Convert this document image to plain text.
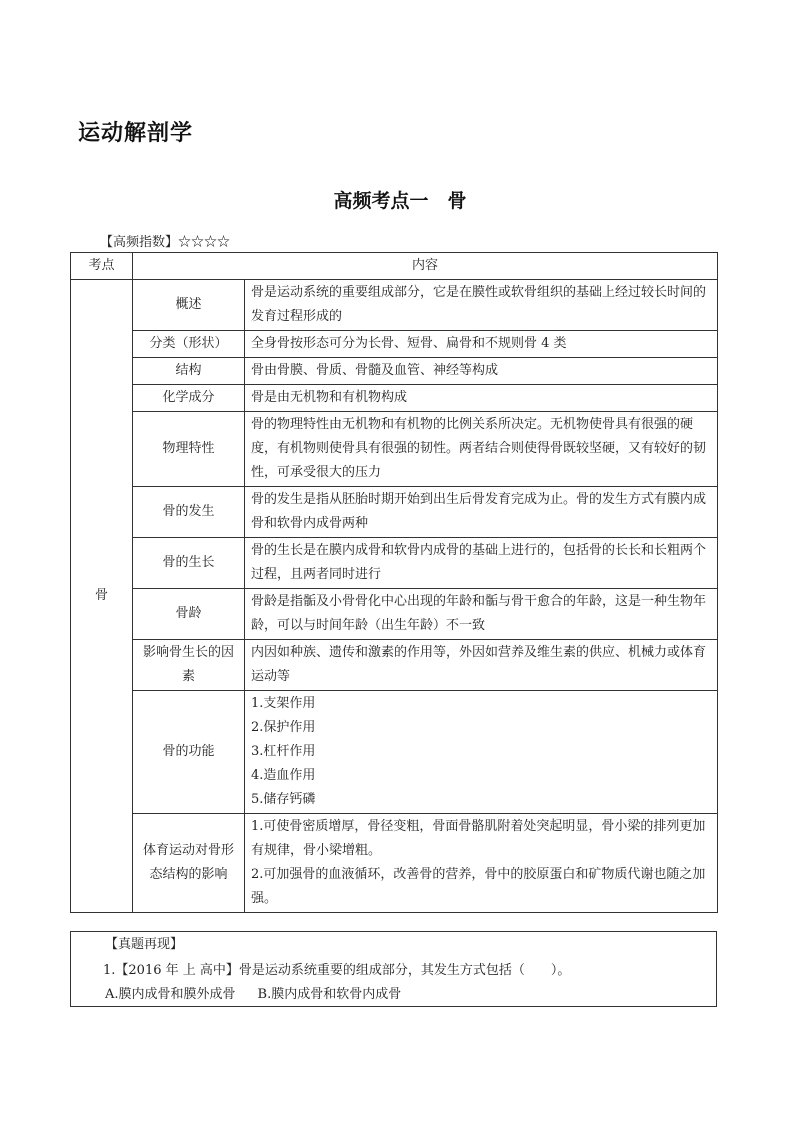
运动解剖学
高频考点一　骨
【高频指数】☆☆☆☆
考点	内容	
骨	概述	骨是运动系统的重要组成部分，它是在膜性或软骨组织的基础上经过较长时间的发育过程形成的
	分类（形状）	全身骨按形态可分为长骨、短骨、扁骨和不规则骨 4 类
	结构	骨由骨膜、骨质、骨髓及血管、神经等构成
	化学成分	骨是由无机物和有机物构成
	物理特性	骨的物理特性由无机物和有机物的比例关系所决定。无机物使骨具有很强的硬度，有机物则使骨具有很强的韧性。两者结合则使得骨既较坚硬，又有较好的韧性，可承受很大的压力
	骨的发生	骨的发生是指从胚胎时期开始到出生后骨发育完成为止。骨的发生方式有膜内成骨和软骨内成骨两种
	骨的生长	骨的生长是在膜内成骨和软骨内成骨的基础上进行的，包括骨的长长和长粗两个过程，且两者同时进行
	骨龄	骨龄是指骺及小骨骨化中心出现的年龄和骺与骨干愈合的年龄，这是一种生物年龄，可以与时间年龄（出生年龄）不一致
	影响骨生长的因素	内因如种族、遗传和激素的作用等，外因如营养及维生素的供应、机械力或体育运动等
	骨的功能	1.支架作用
2.保护作用
3.杠杆作用
4.造血作用
5.储存钙磷

	体育运动对骨形态结构的影响	1.可使骨密质增厚，骨径变粗，骨面骨骼肌附着处突起明显，骨小梁的排列更加有规律，骨小梁增粗。
2.可加强骨的血液循环，改善骨的营养，骨中的胶原蛋白和矿物质代谢也随之加强。
【真题再现】
1.【2016 年 上 高中】骨是运动系统重要的组成部分，其发生方式包括（　　）。
A.膜内成骨和膜外成骨 B.膜内成骨和软骨内成骨
